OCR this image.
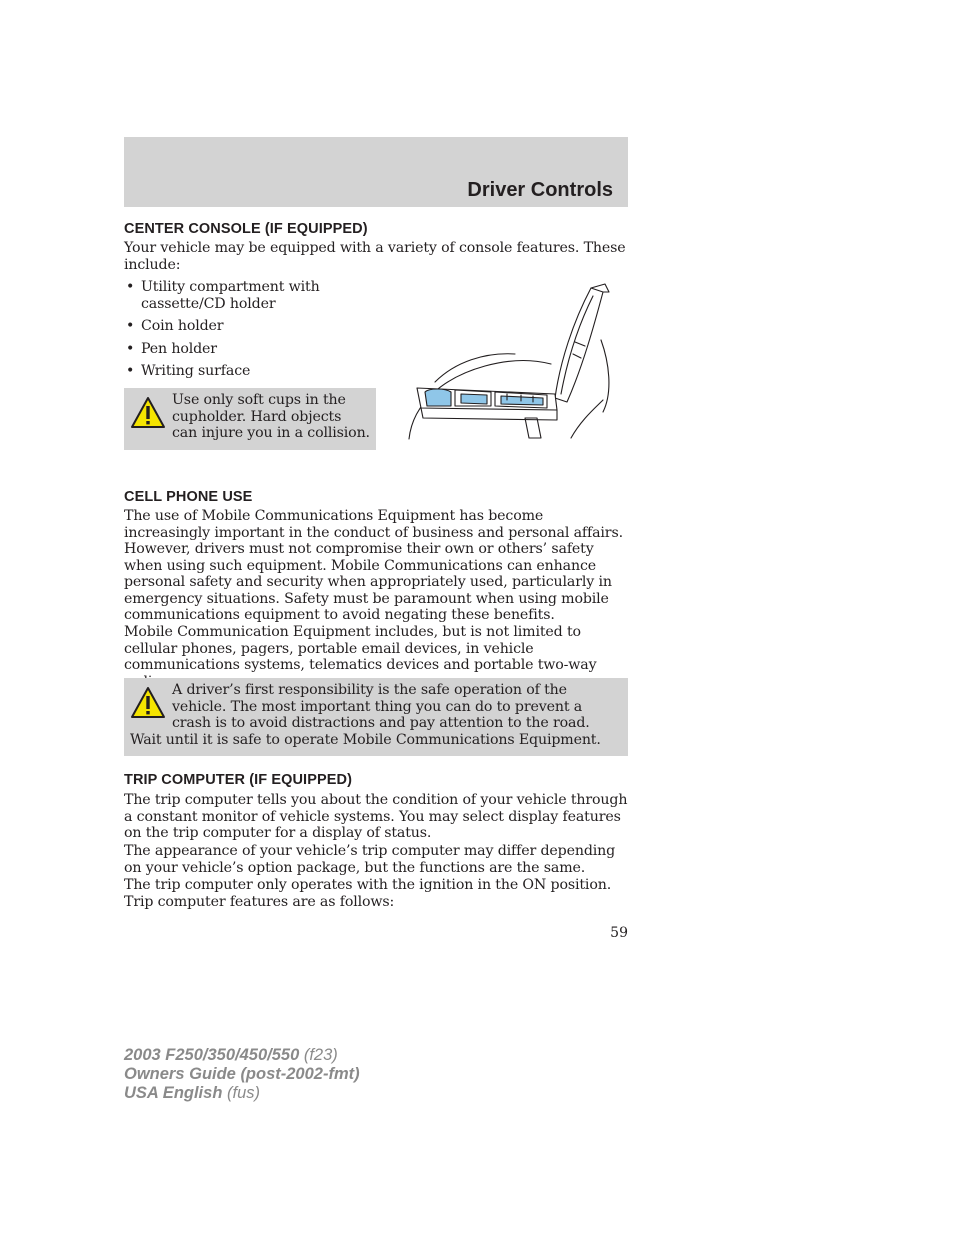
Driver Controls
CENTER CONSOLE (IF EQUIPPED)

Your vehicle may be equipped with a variety of console features. These include:

• Utility compartment with cassette/CD holder
• Coin holder
• Pen holder
• Writing surface
Use only soft cups in the cupholder. Hard objects can injure you in a collision.
CELL PHONE USE

The use of Mobile Communications Equipment has become increasingly important in the conduct of business and personal affairs. However, drivers must not compromise their own or others’ safety when using such equipment. Mobile Communications can enhance personal safety and security when appropriately used, particularly in emergency situations. Safety must be paramount when using mobile communications equipment to avoid negating these benefits.

Mobile Communication Equipment includes, but is not limited to cellular phones, pagers, portable email devices, in vehicle communications systems, telematics devices and portable two-way

A driver’s first responsibility is the safe operation of the vehicle. The most important thing you can do to prevent a crash is to avoid distractions and pay attention to the road. Wait until it is safe to operate Mobile Communications Equipment.
TRIP COMPUTER (IF EQUIPPED)

The trip computer tells you about the condition of your vehicle through a constant monitor of vehicle systems. You may select display features on the trip computer for a display of status.

The appearance of your vehicle’s trip computer may differ depending on your vehicle’s option package, but the functions are the same.

The trip computer only operates with the ignition in the ON position. Trip computer features are as follows:

59
2003 F250/350/450/550 (f23)
Owners Guide (post-2002-fmt)
USA English (fus)
